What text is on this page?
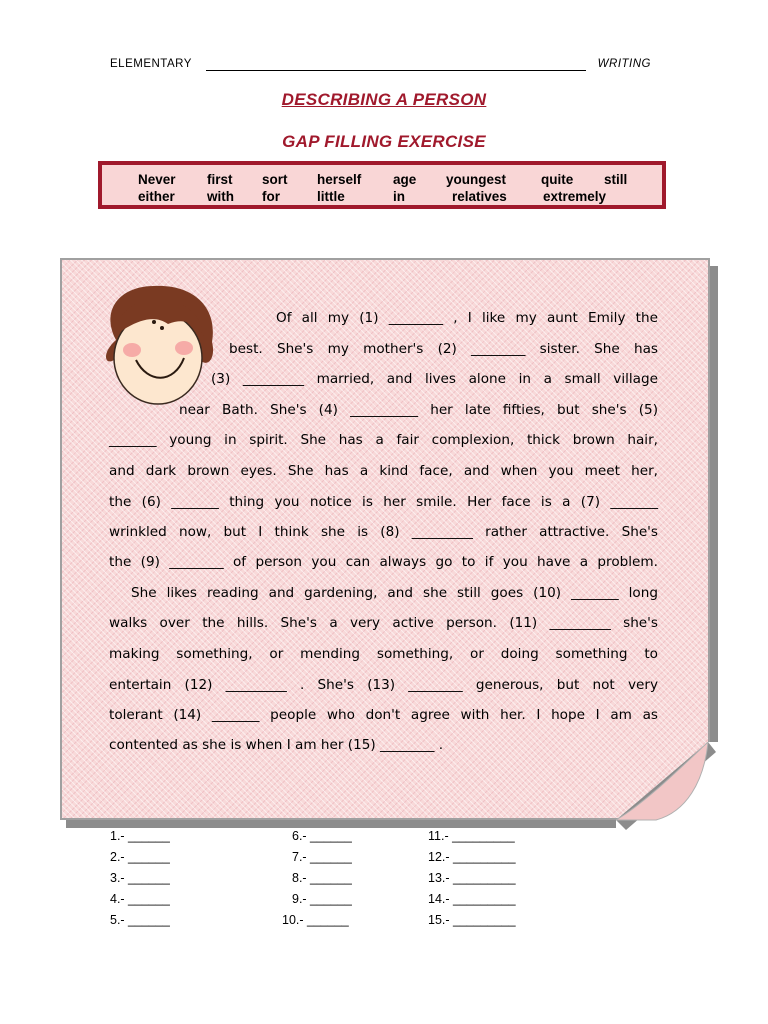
ELEMENTARY	WRITING
DESCRIBING A PERSON
GAP FILLING EXERCISE
Never first sort herself age youngest	quite still
either with for	little	in	relatives	extremely
Of all my (1) ________ , I like my aunt Emily the
best. She's my mother's (2) ________ sister. She has
(3) _________ married, and lives alone in a small village
near Bath. She's (4) __________ her late fifties, but she's (5)
_______ young in spirit. She has a fair complexion, thick brown hair,
and dark brown eyes. She has a kind face, and when you meet her,
the (6) _______ thing you notice is her smile. Her face is a (7) _______
wrinkled now, but I think she is (8) _________ rather attractive. She's
the (9) ________ of person you can always go to if you have a problem.
She likes reading and gardening, and she still goes (10) _______ long
walks over the hills. She's a very active person. (11) _________ she's
making something, or mending something, or doing something to
entertain (12) _________ . She's (13) ________ generous, but not very
tolerant (14) _______ people who don't agree with her. I hope I am as
contented as she is when I am her (15) ________ .
1.- ______
2.- ______
3.- ______
4.- ______
5.- ______
6.- ______
7.- ______
8.- ______
9.- ______
10.- ______
11.- _________
12.- _________
13.- _________
14.- _________
15.- _________
